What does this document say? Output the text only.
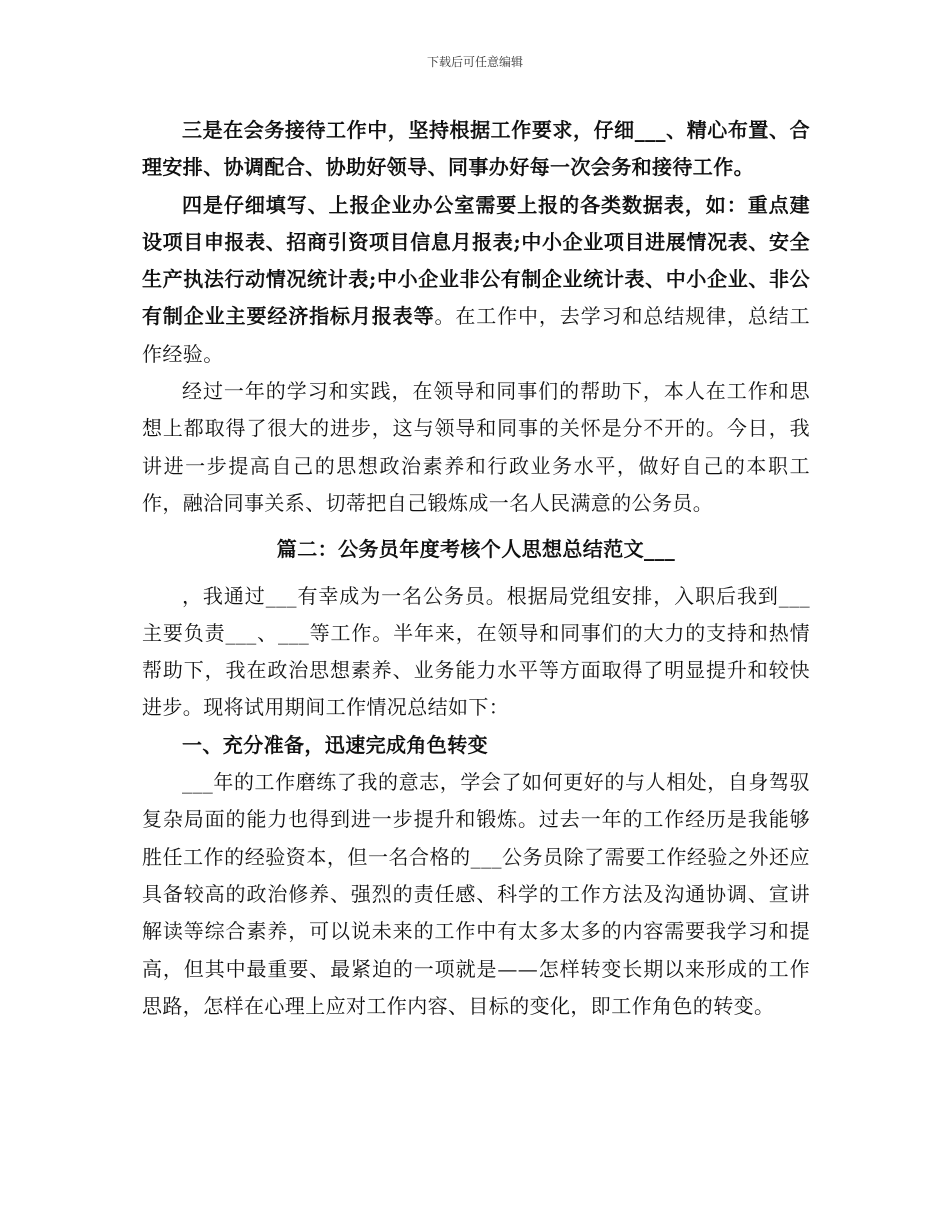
下载后可任意编辑

三是在会务接待工作中，坚持根据工作要求，仔细___、精心布置、合理安排、协调配合、协助好领导、同事办好每一次会务和接待工作。

四是仔细填写、上报企业办公室需要上报的各类数据表，如：重点建设项目申报表、招商引资项目信息月报表;中小企业项目进展情况表、安全生产执法行动情况统计表;中小企业非公有制企业统计表、中小企业、非公有制企业主要经济指标月报表等。在工作中，去学习和总结规律，总结工作经验。

经过一年的学习和实践，在领导和同事们的帮助下，本人在工作和思想上都取得了很大的进步，这与领导和同事的关怀是分不开的。今日，我讲进一步提高自己的思想政治素养和行政业务水平，做好自己的本职工作，融洽同事关系、切蒂把自己锻炼成一名人民满意的公务员。

篇二：公务员年度考核个人思想总结范文___

，我通过___有幸成为一名公务员。根据局党组安排，入职后我到___主要负责___、___等工作。半年来，在领导和同事们的大力的支持和热情帮助下，我在政治思想素养、业务能力水平等方面取得了明显提升和较快进步。现将试用期间工作情况总结如下：

一、充分准备，迅速完成角色转变

___年的工作磨练了我的意志，学会了如何更好的与人相处，自身驾驭复杂局面的能力也得到进一步提升和锻炼。过去一年的工作经历是我能够胜任工作的经验资本，但一名合格的___公务员除了需要工作经验之外还应具备较高的政治修养、强烈的责任感、科学的工作方法及沟通协调、宣讲解读等综合素养，可以说未来的工作中有太多太多的内容需要我学习和提高，但其中最重要、最紧迫的一项就是——怎样转变长期以来形成的工作思路，怎样在心理上应对工作内容、目标的变化，即工作角色的转变。
